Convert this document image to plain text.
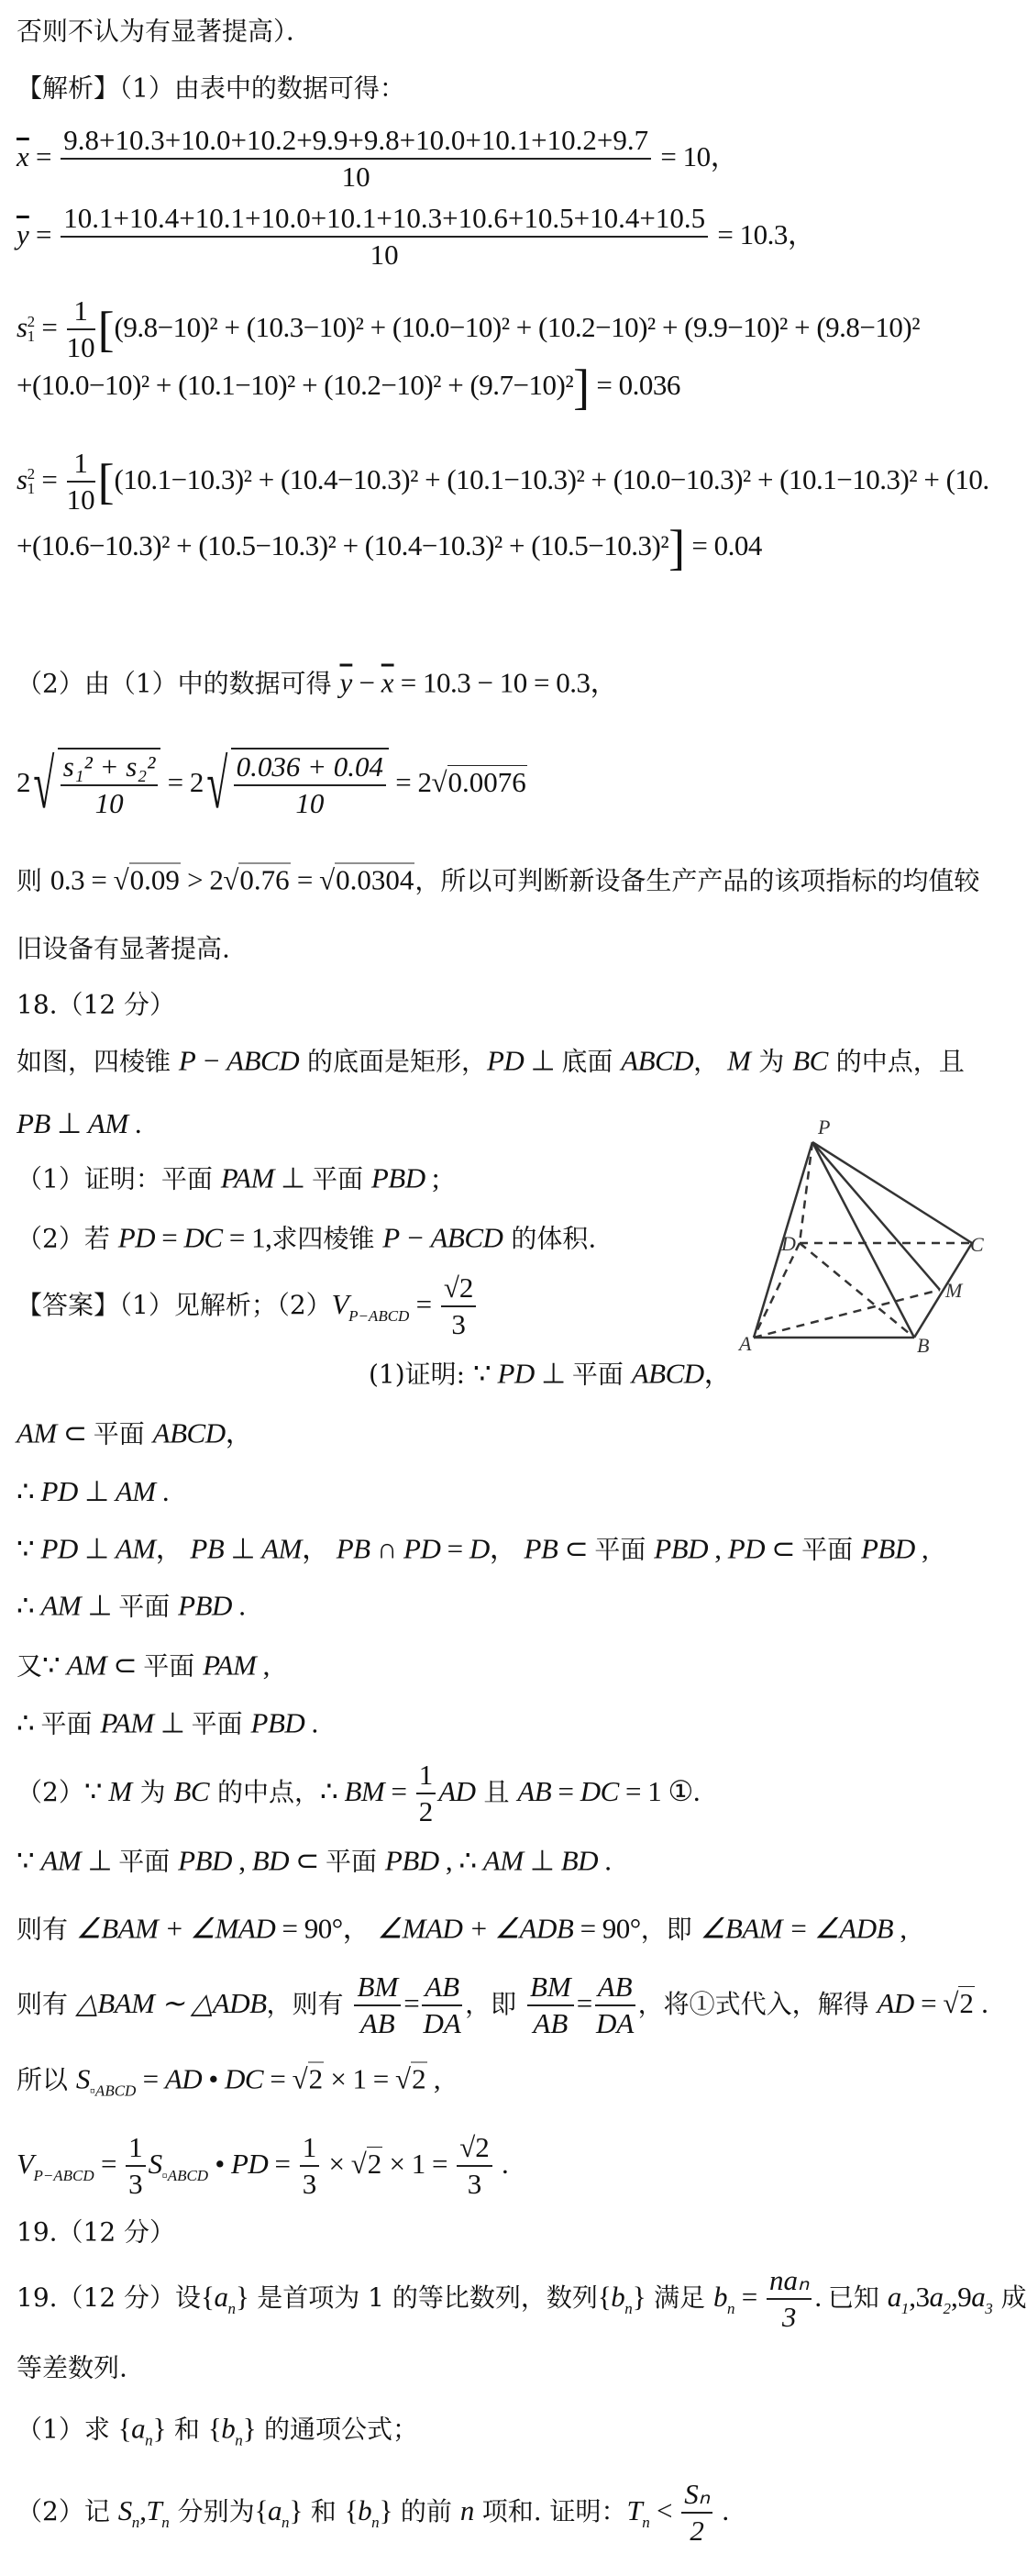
否则不认为有显著提高）．
【解析】（1）由表中的数据可得：
$\overline{x} = \frac{9.8+10.3+10.0+10.2+9.9+9.8+10.0+10.1+10.2+9.7}{10} = 10$，
$\overline{y} = \frac{10.1+10.4+10.1+10.0+10.1+10.3+10.6+10.5+10.4+10.5}{10} = 10.3$，
s 2
$1 = \frac{1}{10} [(9.8-10)^2 + (10.3-10)^2 + (10.0-10)^2 + (10.2-10)^2 + (9.9-10)^2 + (9.8-10)^2$
+(10.0−10)² + (10.1−10)² + (10.2−10)² + (9.7−10)²] = 0.036
s 2
$1 = \frac{1}{10} [(10.1-10.3)^2 + (10.4-10.3)^2 + (10.1-10.3)^2 + (10.0-10.3)^2 + (10.1-10.3)^2 + (10$.
+(10.6−10.3)² + (10.5−10.3)² + (10.4−10.3)² + (10.5−10.3)²] = 0.04
（2）由（1）中的数据可得 $\overline{y} - \overline{x} = 10.3 - 10 = 0.3$，
2 √ $\frac{\text{s₁² + s₂²}}{10} = 2$ √ $\frac{0.036 + 0.04}{10} = 2√0.0076$
则 0.3 = √0.09 > 2√0.76 = √0.0304，所以可判断新设备生产产品的该项指标的均值较
旧设备有显著提高.
18.（12 分）
如图，四棱锥 P − ABCD 的底面是矩形，PD ⊥ 底面 ABCD， M 为 BC 的中点，且
PB ⊥ AM .
（1）证明：平面 PAM ⊥ 平面 PBD ;
（2）若 PD = DC = 1,求四棱锥 P − ABCD 的体积.
【答案】（1）见解析；$(2)V_{P-ABCD} = \frac{√2}{3}$
(1)证明: ∵ PD ⊥ 平面 ABCD，
AM ⊂ 平面 ABCD，
∴ PD ⊥ AM .
∵ PD ⊥ AM， PB ⊥ AM， PB ∩ PD = D， PB ⊂ 平面 PBD , PD ⊂ 平面 PBD ,
∴ AM ⊥ 平面 PBD .
又∵ AM ⊂ 平面 PAM ,
∴ 平面 PAM ⊥ 平面 PBD .
（2）∵ M 为 BC 的中点，∴ BM = $\frac{1}{2}$ AD 且 AB = DC = 1 ①.
∵ AM ⊥ 平面 PBD , BD ⊂ 平面 PBD , ∴ AM ⊥ BD .
则有 ∠BAM + ∠MAD = 90°， ∠MAD + ∠ADB = 90°，即 ∠BAM = ∠ADB ,
则有 △BAM ∼ △ADB，则有 $\frac{BM}{AB} = \frac{AB}{DA}$ ，即 $\frac{BM}{AB} = \frac{AB}{DA}$ ，将①式代入，解得 AD = √2 .
所以 $S_{▫ABCD}$ = AD • DC = √2 × 1 = √2 ,
$V_{P-ABCD} = \frac{1}{3} S_{▫ABCD}$ • PD = $\frac{1}{3} \times √2 \times 1 = \frac{√2}{3}$ .
19.（12 分）
19.（12 分）设$\{a_n\}$ 是首项为 1 的等比数列，数列$\{b_n\}$ 满足 $b_n = \frac{\text{naₙ}}{3}$ . 已知 $a_1,3a_2,9a_3$ 成
等差数列.
（1）求 $\{a_n\}$ 和 $\{b_n\}$ 的通项公式；
（2）记 $S_n,T_n$ 分别为$\{a_n\}$ 和 $\{b_n\}$ 的前 n 项和. 证明：$T_n < \frac{\text{Sₙ}}{2}$ .
P
D	C
M
A	B
